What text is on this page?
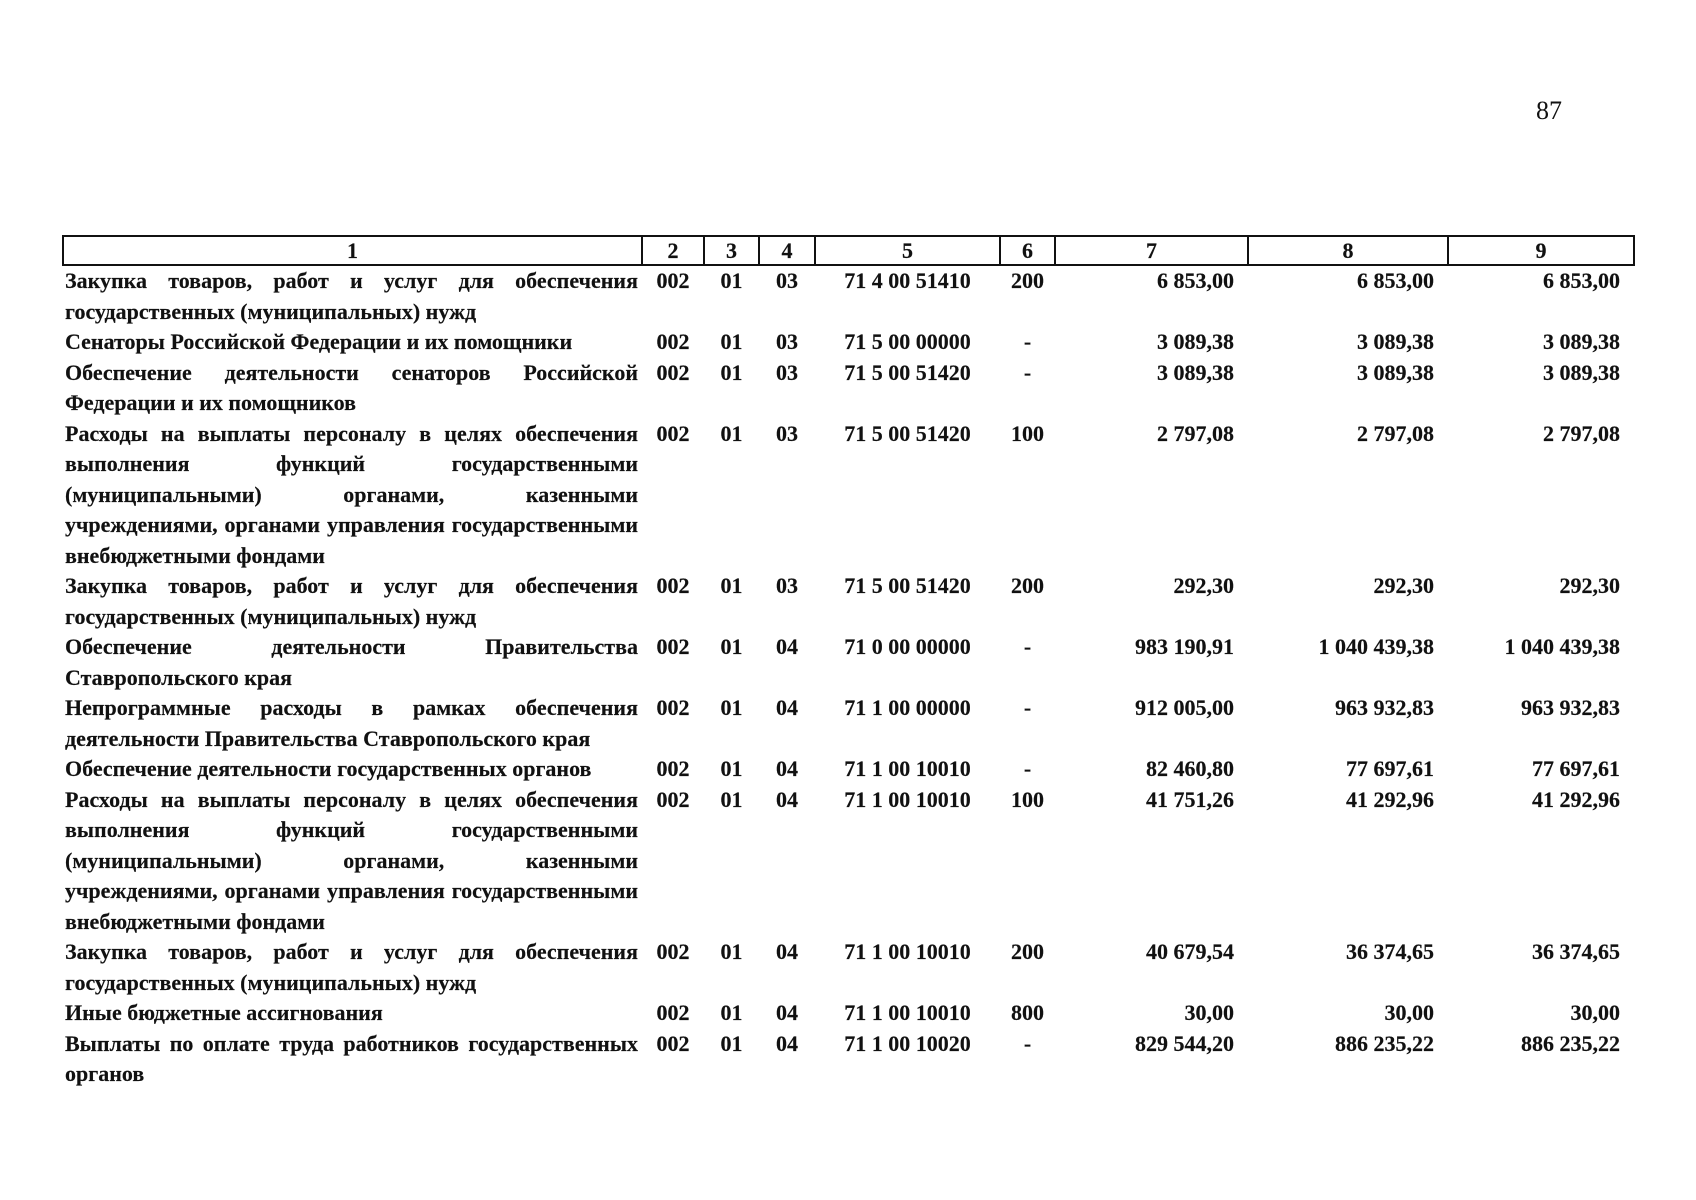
87
1	2	3	4	5	6	7	8	9
Закупка товаров, работ и услуг для обеспечения государственных (муниципальных) нужд	002	01	03	71 4 00 51410	200	6 853,00	6 853,00	6 853,00
Сенаторы Российской Федерации и их помощники	002	01	03	71 5 00 00000	-	3 089,38	3 089,38	3 089,38
Обеспечение деятельности сенаторов Российской Федерации и их помощников	002	01	03	71 5 00 51420	-	3 089,38	3 089,38	3 089,38
Расходы на выплаты персоналу в целях обеспечения выполнения функций государственными (муниципальными) органами, казенными учреждениями, органами управления государственными внебюджетными фондами	002	01	03	71 5 00 51420	100	2 797,08	2 797,08	2 797,08
Закупка товаров, работ и услуг для обеспечения государственных (муниципальных) нужд	002	01	03	71 5 00 51420	200	292,30	292,30	292,30
Обеспечение деятельности Правительства Ставропольского края	002	01	04	71 0 00 00000	-	983 190,91	1 040 439,38	1 040 439,38
Непрограммные расходы в рамках обеспечения деятельности Правительства Ставропольского края	002	01	04	71 1 00 00000	-	912 005,00	963 932,83	963 932,83
Обеспечение деятельности государственных органов	002	01	04	71 1 00 10010	-	82 460,80	77 697,61	77 697,61
Расходы на выплаты персоналу в целях обеспечения выполнения функций государственными (муниципальными) органами, казенными учреждениями, органами управления государственными внебюджетными фондами	002	01	04	71 1 00 10010	100	41 751,26	41 292,96	41 292,96
Закупка товаров, работ и услуг для обеспечения государственных (муниципальных) нужд	002	01	04	71 1 00 10010	200	40 679,54	36 374,65	36 374,65
Иные бюджетные ассигнования	002	01	04	71 1 00 10010	800	30,00	30,00	30,00
Выплаты по оплате труда работников государственных органов	002	01	04	71 1 00 10020	-	829 544,20	886 235,22	886 235,22
